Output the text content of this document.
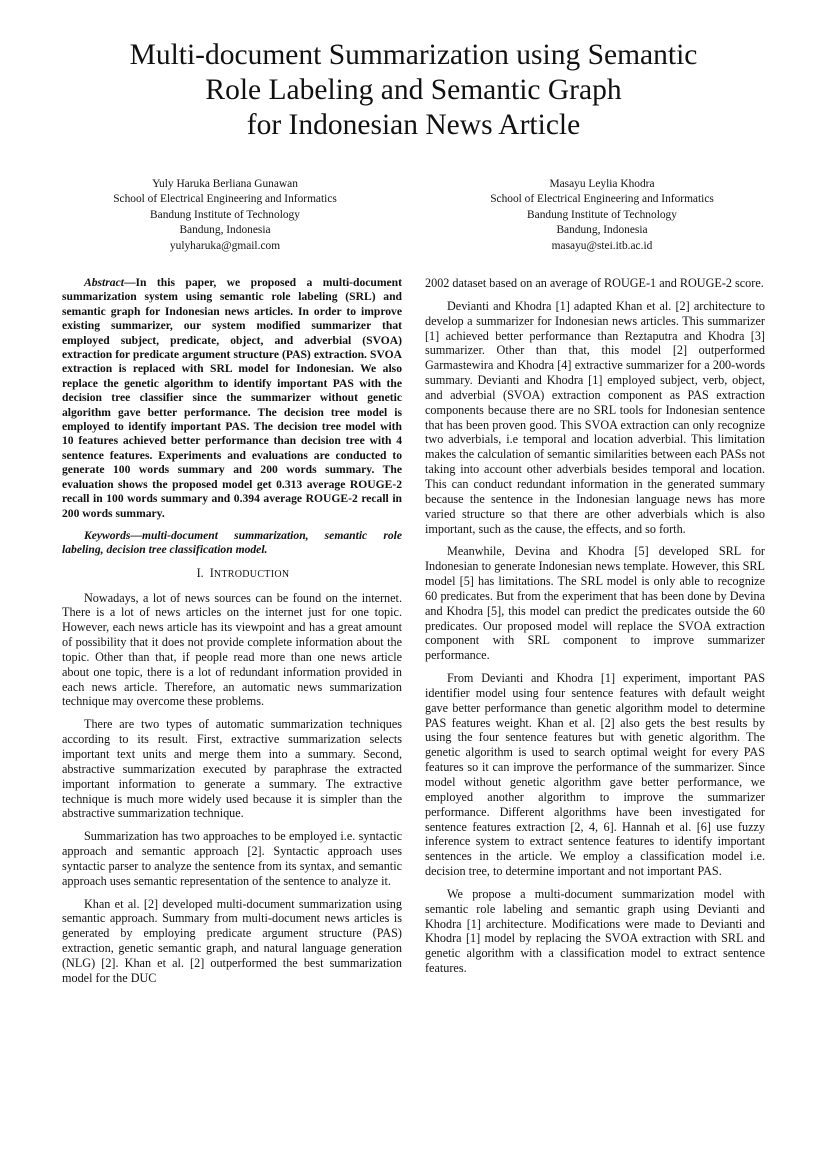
Multi-document Summarization using Semantic
Role Labeling and Semantic Graph
for Indonesian News Article
Yuly Haruka Berliana Gunawan
School of Electrical Engineering and Informatics
Bandung Institute of Technology
Bandung, Indonesia
yulyharuka@gmail.com
Masayu Leylia Khodra
School of Electrical Engineering and Informatics
Bandung Institute of Technology
Bandung, Indonesia
masayu@stei.itb.ac.id

Abstract—In this paper, we proposed a multi-document summarization system using semantic role labeling (SRL) and semantic graph for Indonesian news articles. In order to improve existing summarizer, our system modified summarizer that employed subject, predicate, object, and adverbial (SVOA) extraction for predicate argument structure (PAS) extraction. SVOA extraction is replaced with SRL model for Indonesian. We also replace the genetic algorithm to identify important PAS with the decision tree classifier since the summarizer without genetic algorithm gave better performance. The decision tree model is employed to identify important PAS. The decision tree model with 10 features achieved better performance than decision tree with 4 sentence features. Experiments and evaluations are conducted to generate 100 words summary and 200 words summary. The evaluation shows the proposed model get 0.313 average ROUGE-2 recall in 100 words summary and 0.394 average ROUGE-2 recall in 200 words summary.

Keywords—multi-document summarization, semantic role labeling, decision tree classification model.

I. INTRODUCTION

Nowadays, a lot of news sources can be found on the internet. There is a lot of news articles on the internet just for one topic. However, each news article has its viewpoint and has a great amount of possibility that it does not provide complete information about the topic. Other than that, if people read more than one news article about one topic, there is a lot of redundant information provided in each news article. Therefore, an automatic news summarization technique may overcome these problems.

There are two types of automatic summarization techniques according to its result. First, extractive summarization selects important text units and merge them into a summary. Second, abstractive summarization executed by paraphrase the extracted important information to generate a summary. The extractive technique is much more widely used because it is simpler than the abstractive summarization technique.

Summarization has two approaches to be employed i.e. syntactic approach and semantic approach [2]. Syntactic approach uses syntactic parser to analyze the sentence from its syntax, and semantic approach uses semantic representation of the sentence to analyze it.

Khan et al. [2] developed multi-document summarization using semantic approach. Summary from multi-document news articles is generated by employing predicate argument structure (PAS) extraction, genetic semantic graph, and natural language generation (NLG) [2]. Khan et al. [2] outperformed the best summarization model for the DUC

2002 dataset based on an average of ROUGE-1 and ROUGE-2 score.

Devianti and Khodra [1] adapted Khan et al. [2] architecture to develop a summarizer for Indonesian news articles. This summarizer [1] achieved better performance than Reztaputra and Khodra [3] summarizer. Other than that, this model [2] outperformed Garmastewira and Khodra [4] extractive summarizer for a 200-words summary. Devianti and Khodra [1] employed subject, verb, object, and adverbial (SVOA) extraction component as PAS extraction components because there are no SRL tools for Indonesian sentence that has been proven good. This SVOA extraction can only recognize two adverbials, i.e temporal and location adverbial. This limitation makes the calculation of semantic similarities between each PASs not taking into account other adverbials besides temporal and location. This can conduct redundant information in the generated summary because the sentence in the Indonesian language news has more varied structure so that there are other adverbials which is also important, such as the cause, the effects, and so forth.

Meanwhile, Devina and Khodra [5] developed SRL for Indonesian to generate Indonesian news template. However, this SRL model [5] has limitations. The SRL model is only able to recognize 60 predicates. But from the experiment that has been done by Devina and Khodra [5], this model can predict the predicates outside the 60 predicates. Our proposed model will replace the SVOA extraction component with SRL component to improve summarizer performance.

From Devianti and Khodra [1] experiment, important PAS identifier model using four sentence features with default weight gave better performance than genetic algorithm model to determine PAS features weight. Khan et al. [2] also gets the best results by using the four sentence features but with genetic algorithm. The genetic algorithm is used to search optimal weight for every PAS features so it can improve the performance of the summarizer. Since model without genetic algorithm gave better performance, we employed another algorithm to improve the summarizer performance. Different algorithms have been investigated for sentence features extraction [2, 4, 6]. Hannah et al. [6] use fuzzy inference system to extract sentence features to identify important sentences in the article. We employ a classification model i.e. decision tree, to determine important and not important PAS.

We propose a multi-document summarization model with semantic role labeling and semantic graph using Devianti and Khodra [1] architecture. Modifications were made to Devianti and Khodra [1] model by replacing the SVOA extraction with SRL and genetic algorithm with a classification model to extract sentence features.
